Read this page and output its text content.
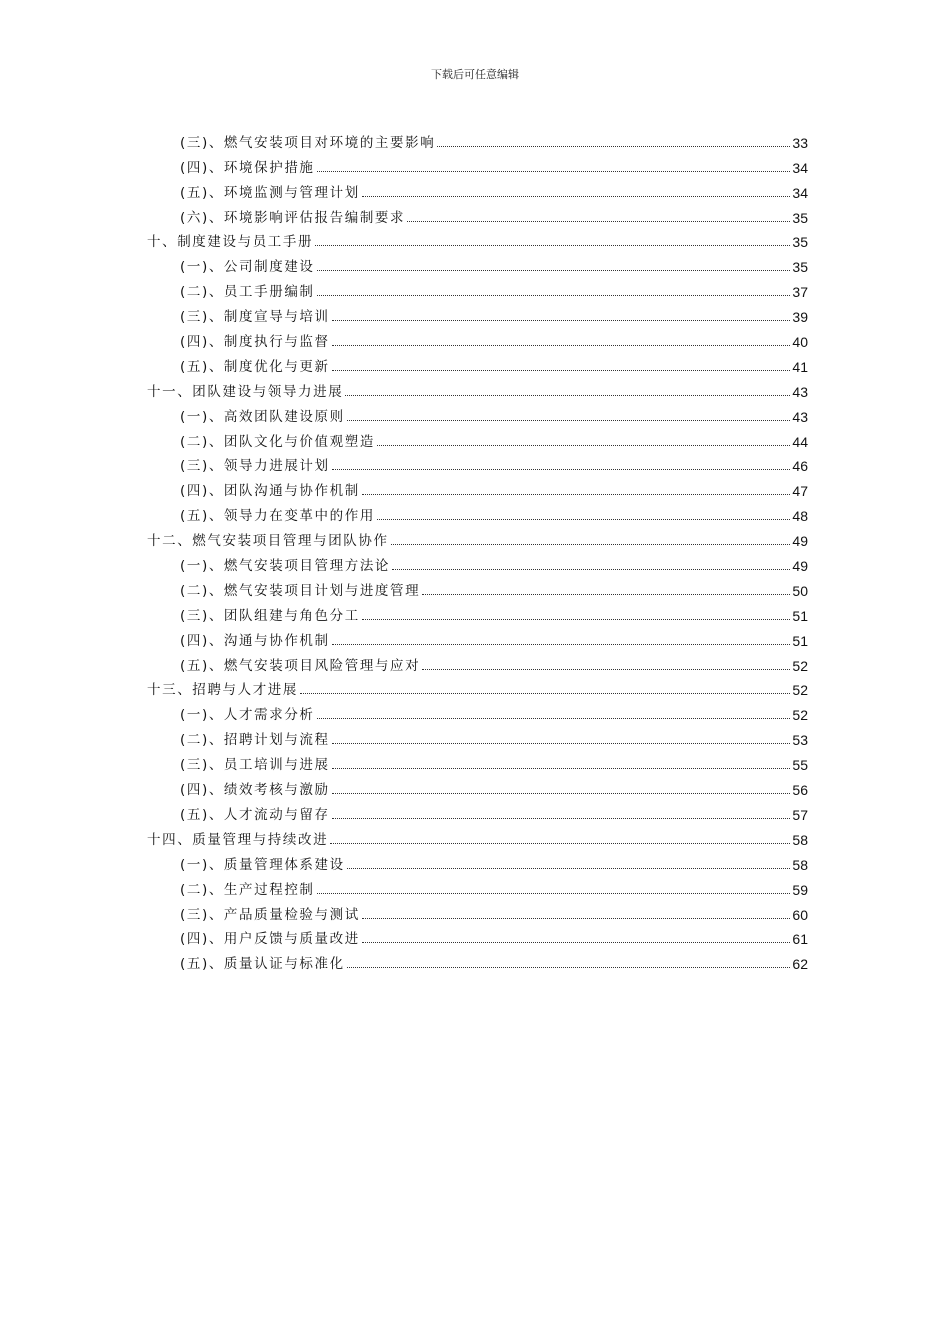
下载后可任意编辑
(三)、燃气安装项目对环境的主要影响	33
(四)、环境保护措施	34
(五)、环境监测与管理计划	34
(六)、环境影响评估报告编制要求	35
十、制度建设与员工手册	35
(一)、公司制度建设	35
(二)、员工手册编制	37
(三)、制度宣导与培训	39
(四)、制度执行与监督	40
(五)、制度优化与更新	41
十一、团队建设与领导力进展	43
(一)、高效团队建设原则	43
(二)、团队文化与价值观塑造	44
(三)、领导力进展计划	46
(四)、团队沟通与协作机制	47
(五)、领导力在变革中的作用	48
十二、燃气安装项目管理与团队协作	49
(一)、燃气安装项目管理方法论	49
(二)、燃气安装项目计划与进度管理	50
(三)、团队组建与角色分工	51
(四)、沟通与协作机制	51
(五)、燃气安装项目风险管理与应对	52
十三、招聘与人才进展	52
(一)、人才需求分析	52
(二)、招聘计划与流程	53
(三)、员工培训与进展	55
(四)、绩效考核与激励	56
(五)、人才流动与留存	57
十四、质量管理与持续改进	58
(一)、质量管理体系建设	58
(二)、生产过程控制	59
(三)、产品质量检验与测试	60
(四)、用户反馈与质量改进	61
(五)、质量认证与标准化	62
